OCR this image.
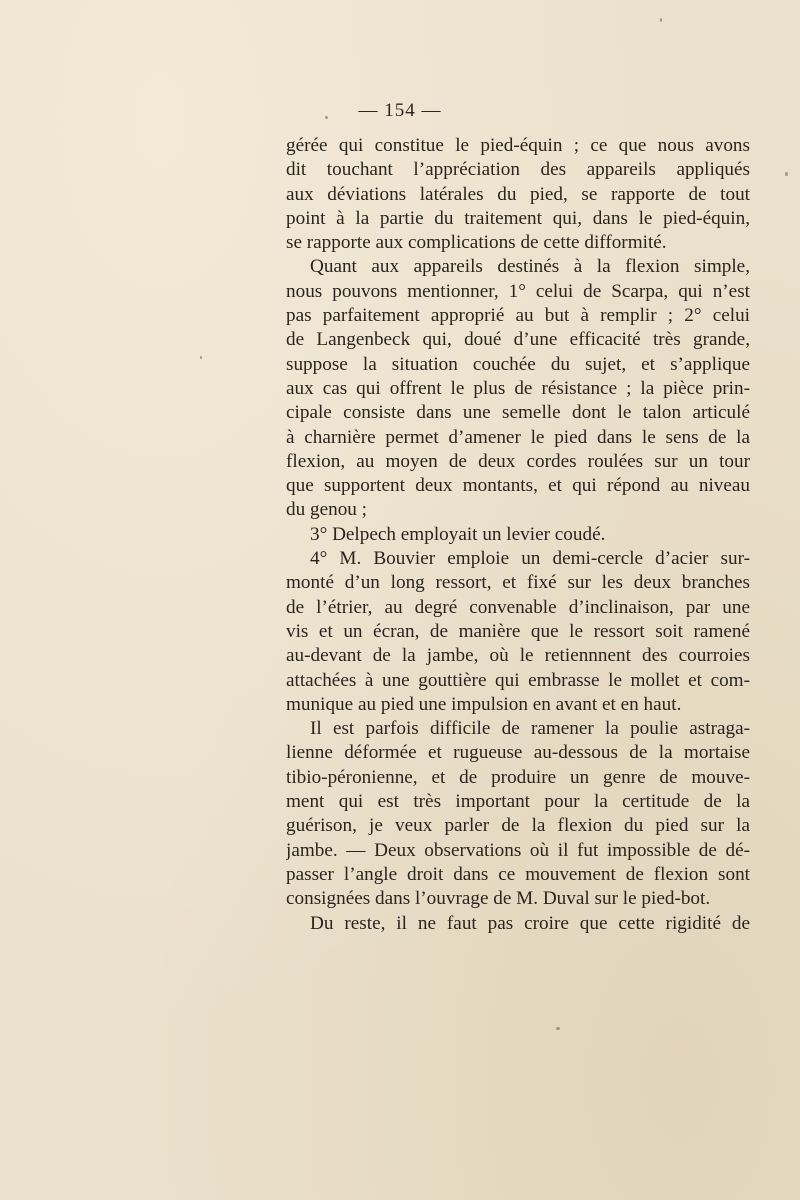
— 154 —
gérée qui constitue le pied-équin ; ce que nous avons
dit touchant l’appréciation des appareils appliqués
aux déviations latérales du pied, se rapporte de tout
point à la partie du traitement qui, dans le pied-équin,
se rapporte aux complications de cette difformité.
Quant aux appareils destinés à la flexion simple,
nous pouvons mentionner, 1° celui de Scarpa, qui n’est
pas parfaitement approprié au but à remplir ; 2° celui
de Langenbeck qui, doué d’une efficacité très grande,
suppose la situation couchée du sujet, et s’applique
aux cas qui offrent le plus de résistance ; la pièce prin-
cipale consiste dans une semelle dont le talon articulé
à charnière permet d’amener le pied dans le sens de la
flexion, au moyen de deux cordes roulées sur un tour
que supportent deux montants, et qui répond au niveau
du genou ;
3° Delpech employait un levier coudé.
4° M. Bouvier emploie un demi-cercle d’acier sur-
monté d’un long ressort, et fixé sur les deux branches
de l’étrier, au degré convenable d’inclinaison, par une
vis et un écran, de manière que le ressort soit ramené
au-devant de la jambe, où le retiennnent des courroies
attachées à une gouttière qui embrasse le mollet et com-
munique au pied une impulsion en avant et en haut.
Il est parfois difficile de ramener la poulie astraga-
lienne déformée et rugueuse au-dessous de la mortaise
tibio-péronienne, et de produire un genre de mouve-
ment qui est très important pour la certitude de la
guérison, je veux parler de la flexion du pied sur la
jambe. — Deux observations où il fut impossible de dé-
passer l’angle droit dans ce mouvement de flexion sont
consignées dans l’ouvrage de M. Duval sur le pied-bot.
Du reste, il ne faut pas croire que cette rigidité de
